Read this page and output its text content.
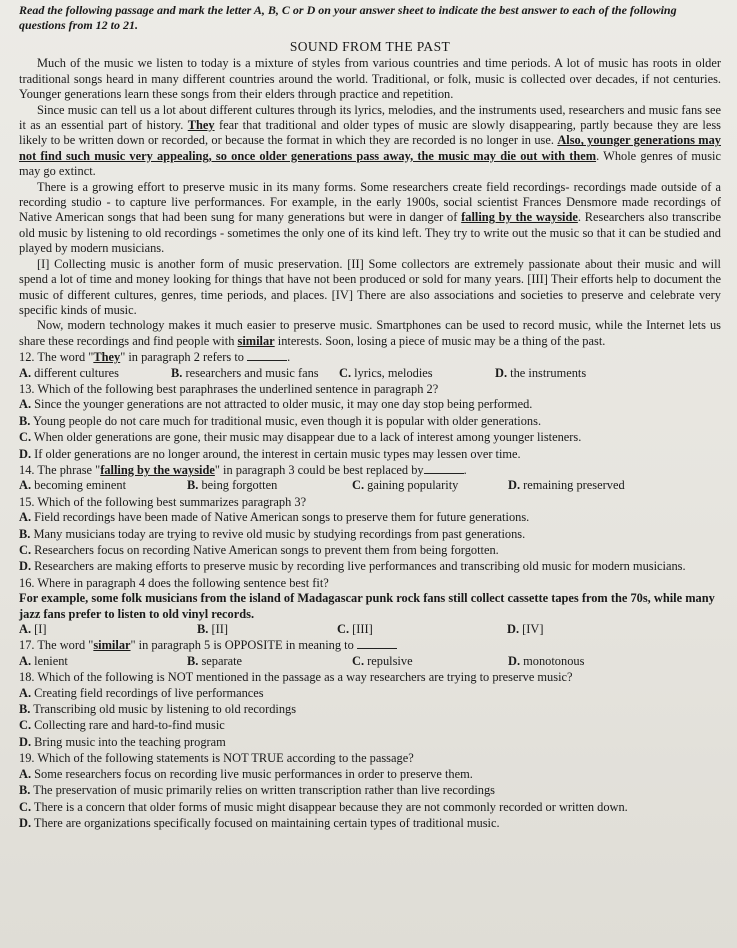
Read the following passage and mark the letter A, B, C or D on your answer sheet to indicate the best answer to each of the following questions from 12 to 21.

SOUND FROM THE PAST

Much of the music we listen to today is a mixture of styles from various countries and time periods. A lot of music has roots in older traditional songs heard in many different countries around the world. Traditional, or folk, music is collected over decades, if not centuries. Younger generations learn these songs from their elders through practice and repetition.

Since music can tell us a lot about different cultures through its lyrics, melodies, and the instruments used, researchers and music fans see it as an essential part of history. They fear that traditional and older types of music are slowly disappearing, partly because they are less likely to be written down or recorded, or because the format in which they are recorded is no longer in use. Also, younger generations may not find such music very appealing, so once older generations pass away, the music may die out with them. Whole genres of music may go extinct.

There is a growing effort to preserve music in its many forms. Some researchers create field recordings- recordings made outside of a recording studio - to capture live performances. For example, in the early 1900s, social scientist Frances Densmore made recordings of Native American songs that had been sung for many generations but were in danger of falling by the wayside. Researchers also transcribe old music by listening to old recordings - sometimes the only one of its kind left. They try to write out the music so that it can be studied and played by modern musicians.

[I] Collecting music is another form of music preservation. [II] Some collectors are extremely passionate about their music and will spend a lot of time and money looking for things that have not been produced or sold for many years. [III] Their efforts help to document the music of different cultures, genres, time periods, and places. [IV] There are also associations and societies to preserve and celebrate very specific kinds of music.

Now, modern technology makes it much easier to preserve music. Smartphones can be used to record music, while the Internet lets us share these recordings and find people with similar interests. Soon, losing a piece of music may be a thing of the past.

12. The word "They" in paragraph 2 refers to	.
A. different cultures	B. researchers and music fans	C. lyrics, melodies	D. the instruments
13. Which of the following best paraphrases the underlined sentence in paragraph 2?
A. Since the younger generations are not attracted to older music, it may one day stop being performed.
B. Young people do not care much for traditional music, even though it is popular with older generations.
C. When older generations are gone, their music may disappear due to a lack of interest among younger listeners.
D. If older generations are no longer around, the interest in certain music types may lessen over time.
14. The phrase "falling by the wayside" in paragraph 3 could be best replaced by	.
A. becoming eminent	B. being forgotten	C. gaining popularity	D. remaining preserved
15. Which of the following best summarizes paragraph 3?
A. Field recordings have been made of Native American songs to preserve them for future generations.
B. Many musicians today are trying to revive old music by studying recordings from past generations.
C. Researchers focus on recording Native American songs to prevent them from being forgotten.
D. Researchers are making efforts to preserve music by recording live performances and transcribing old music for modern musicians.
16. Where in paragraph 4 does the following sentence best fit?
For example, some folk musicians from the island of Madagascar punk rock fans still collect cassette tapes from the 70s, while many jazz fans prefer to listen to old vinyl records.
A. [I]	B. [II]	C. [III]	D. [IV]
17. The word "similar" in paragraph 5 is OPPOSITE in meaning to
A. lenient	B. separate	C. repulsive	D. monotonous
18. Which of the following is NOT mentioned in the passage as a way researchers are trying to preserve music?
A. Creating field recordings of live performances
B. Transcribing old music by listening to old recordings
C. Collecting rare and hard-to-find music
D. Bring music into the teaching program
19. Which of the following statements is NOT TRUE according to the passage?
A. Some researchers focus on recording live music performances in order to preserve them.
B. The preservation of music primarily relies on written transcription rather than live recordings
C. There is a concern that older forms of music might disappear because they are not commonly recorded or written down.
D. There are organizations specifically focused on maintaining certain types of traditional music.
